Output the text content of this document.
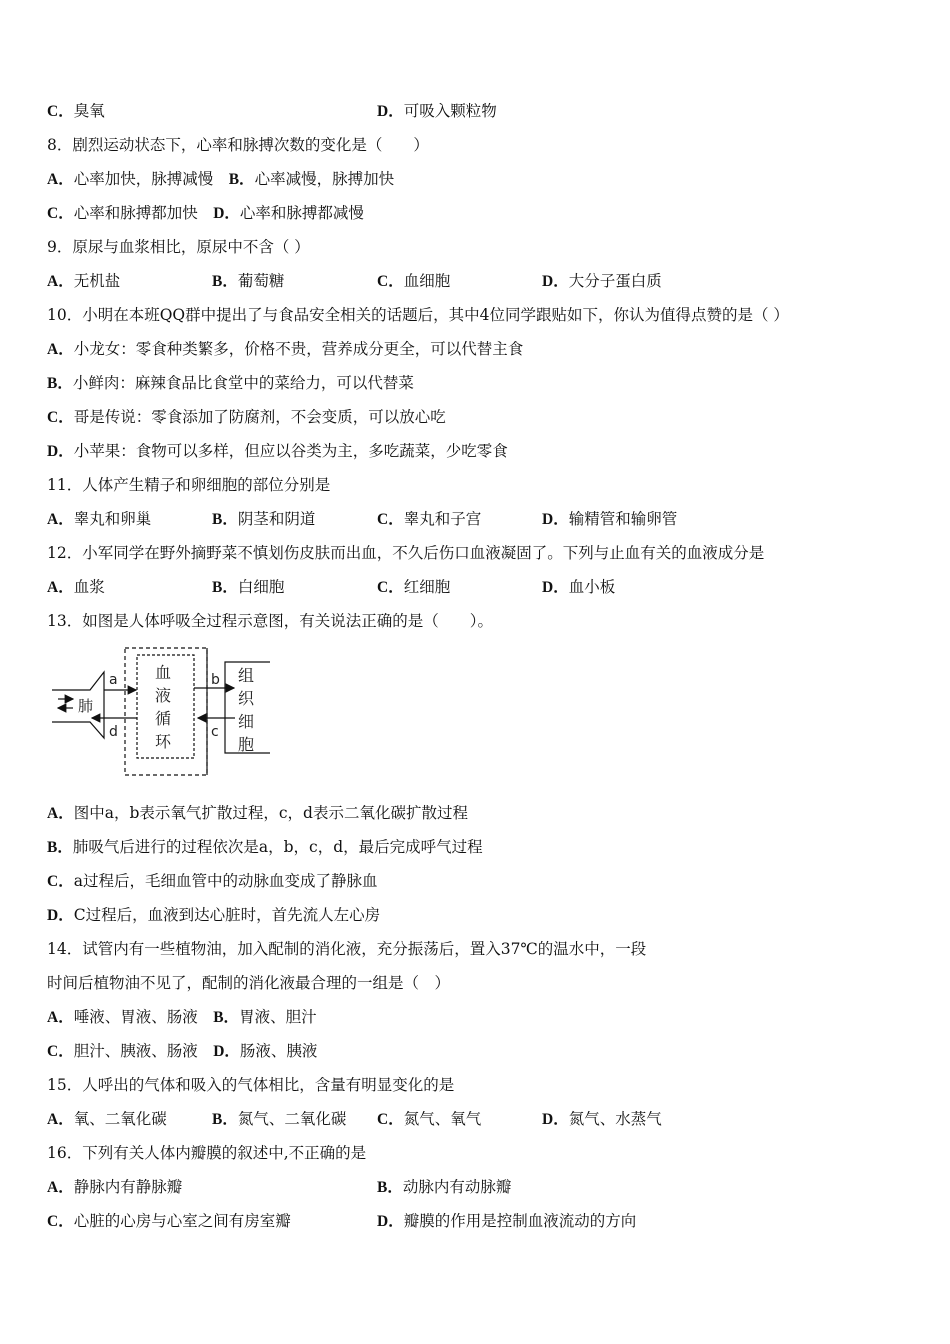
C．臭氧	D．可吸入颗粒物
8．剧烈运动状态下，心率和脉搏次数的变化是（　　）
A．心率加快，脉搏减慢　B．心率减慢，脉搏加快
C．心率和脉搏都加快　D．心率和脉搏都减慢
9．原尿与血浆相比，原尿中不含（ ）
A．无机盐	B．葡萄糖	C．血细胞	D．大分子蛋白质
10．小明在本班QQ群中提出了与食品安全相关的话题后，其中4位同学跟贴如下，你认为值得点赞的是（ ）
A．小龙女：零食种类繁多，价格不贵，营养成分更全，可以代替主食
B．小鲜肉：麻辣食品比食堂中的菜给力，可以代替菜
C．哥是传说：零食添加了防腐剂，不会变质，可以放心吃
D．小苹果：食物可以多样，但应以谷类为主，多吃蔬菜，少吃零食
11．人体产生精子和卵细胞的部位分别是
A．睾丸和卵巢	B．阴茎和阴道	C．睾丸和子宫	D．输精管和输卵管
12．小军同学在野外摘野菜不慎划伤皮肤而出血，不久后伤口血液凝固了。下列与止血有关的血液成分是
A．血浆	B．白细胞	C．红细胞	D．血小板
13．如图是人体呼吸全过程示意图，有关说法正确的是（　　）。
A．图中a，b表示氧气扩散过程，c，d表示二氧化碳扩散过程
B．肺吸气后进行的过程依次是a，b，c，d，最后完成呼气过程
C．a过程后，毛细血管中的动脉血变成了静脉血
D．C过程后，血液到达心脏时，首先流人左心房
14．试管内有一些植物油，加入配制的消化液，充分振荡后，置入37℃的温水中，一段
时间后植物油不见了，配制的消化液最合理的一组是（　）
A．唾液、胃液、肠液　B．胃液、胆汁
C．胆汁、胰液、肠液　D．肠液、胰液
15．人呼出的气体和吸入的气体相比，含量有明显变化的是
A．氧、二氧化碳	B．氮气、二氧化碳 C．氮气、氧气	D．氮气、水蒸气
16．下列有关人体内瓣膜的叙述中,不正确的是
A．静脉内有静脉瓣	B．动脉内有动脉瓣
C．心脏的心房与心室之间有房室瓣	D．瓣膜的作用是控制血液流动的方向
肺
a
d
b
c
血
液
循
环
组
织
细
胞
